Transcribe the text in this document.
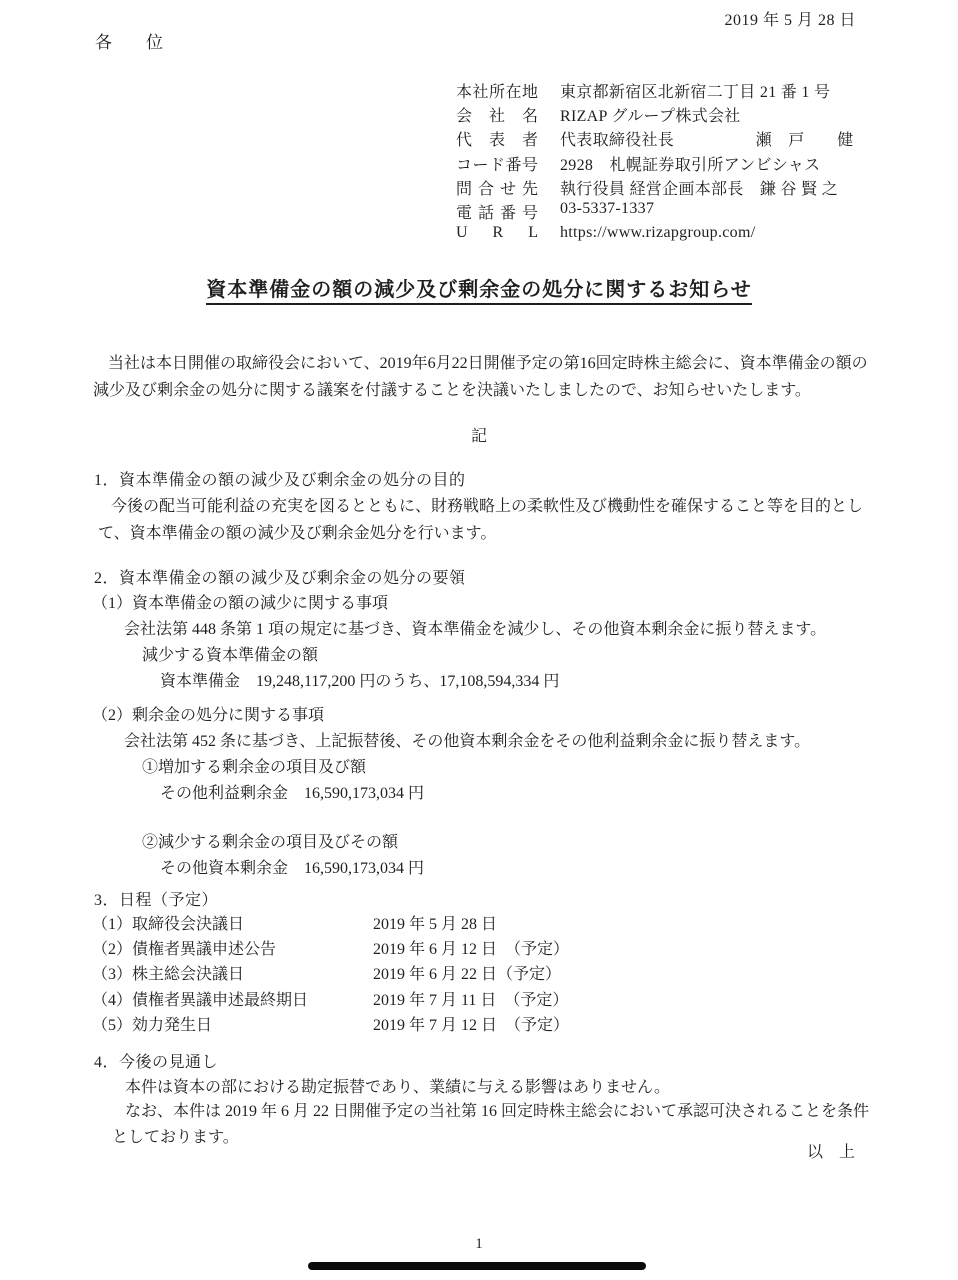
2019 年 5 月 28 日

各　　位

本社所在地 東京都新宿区北新宿二丁目 21 番 1 号
会　社　名 RIZAP グループ株式会社
代　表　者 代表取締役社長　　　　　瀬　戸　　健
コード番号 2928　札幌証券取引所アンビシャス
問合せ先 執行役員 経営企画本部長　鎌 谷 賢 之
電話番号 03-5337-1337
U R L https://www.rizapgroup.com/
資本準備金の額の減少及び剰余金の処分に関するお知らせ

当社は本日開催の取締役会において、2019年6月22日開催予定の第16回定時株主総会に、資本準備金の額の減少及び剰余金の処分に関する議案を付議することを決議いたしましたので、お知らせいたします。

記

1．資本準備金の額の減少及び剰余金の処分の目的

今後の配当可能利益の充実を図るとともに、財務戦略上の柔軟性及び機動性を確保すること等を目的として、資本準備金の額の減少及び剰余金処分を行います。

2．資本準備金の額の減少及び剰余金の処分の要領

（1）資本準備金の額の減少に関する事項

会社法第 448 条第 1 項の規定に基づき、資本準備金を減少し、その他資本剰余金に振り替えます。

減少する資本準備金の額

資本準備金　19,248,117,200 円のうち、17,108,594,334 円

（2）剰余金の処分に関する事項

会社法第 452 条に基づき、上記振替後、その他資本剰余金をその他利益剰余金に振り替えます。

①増加する剰余金の項目及び額

その他利益剰余金　16,590,173,034 円

②減少する剰余金の項目及びその額

その他資本剰余金　16,590,173,034 円

3．日程（予定）

（1）取締役会決議日	2019 年 5 月 28 日
（2）債権者異議申述公告	2019 年 6 月 12 日　（予定）
（3）株主総会決議日	2019 年 6 月 22 日（予定）
（4）債権者異議申述最終期日	2019 年 7 月 11 日　（予定）
（5）効力発生日	2019 年 7 月 12 日　（予定）

4．今後の見通し

本件は資本の部における勘定振替であり、業績に与える影響はありません。

なお、本件は 2019 年 6 月 22 日開催予定の当社第 16 回定時株主総会において承認可決されることを条件としております。

以　上

1
